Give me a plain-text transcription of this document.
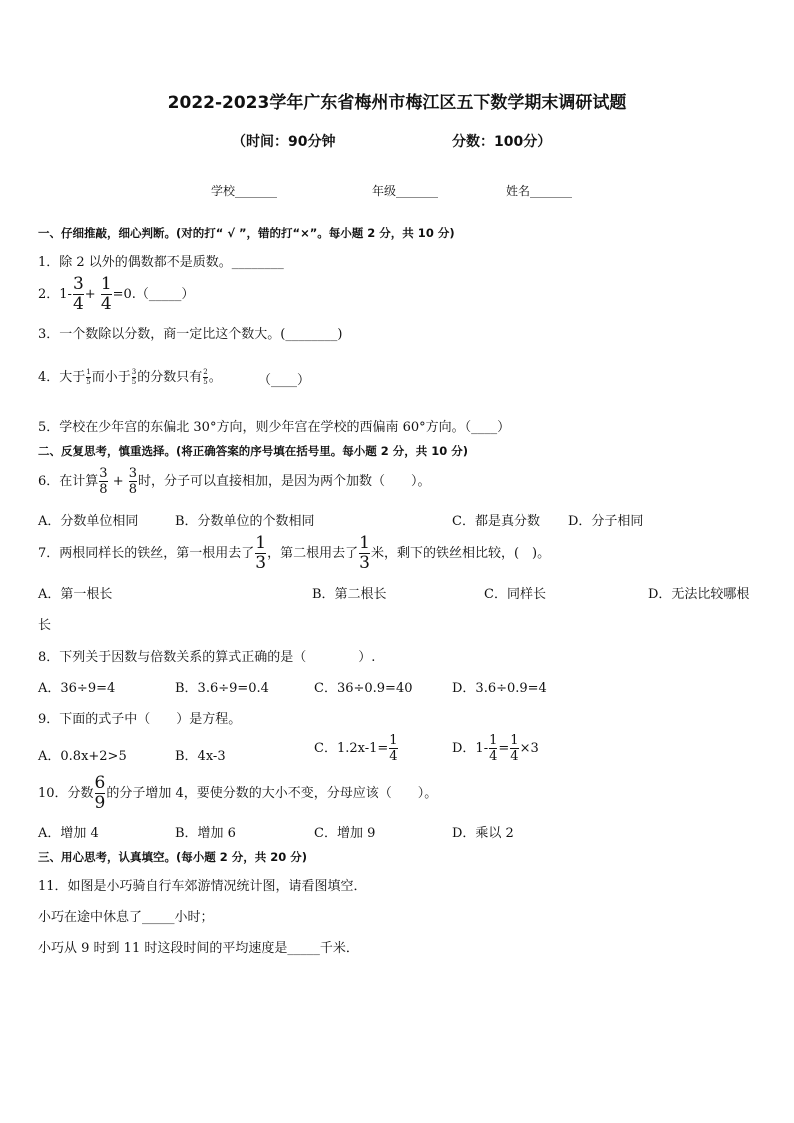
2022-2023学年广东省梅州市梅江区五下数学期末调研试题
（时间：90分钟	分数：100分）
学校_______	年级_______	姓名_______
一、仔细推敲，细心判断。(对的打“ √ ”，错的打“×”。每小题 2 分，共 10 分)
1．除 2 以外的偶数都不是质数。________
2．$1- \frac{3}{4} + \frac{1}{4}$ =0.（_____）
3．一个数除以分数，商一定比这个数大。(________)
4．大于 $\frac{1}{5}$ 而小于 $\frac{3}{5}$ 的分数只有 $\frac{2}{5}$ 。	（____）
5．学校在少年宫的东偏北 30°方向，则少年宫在学校的西偏南 60°方向。（____）
二、反复思考，慎重选择。(将正确答案的序号填在括号里。每小题 2 分，共 10 分)
6．在计算 $\frac{3}{8} + \frac{3}{8}$ 时，分子可以直接相加，是因为两个加数（　　）。
A．分数单位相同	B．分数单位的个数相同	C．都是真分数 D．分子相同
7．两根同样长的铁丝，第一根用去了 $\frac{1}{3}$ ，第二根用去了 $\frac{1}{3}$ 米，剩下的铁丝相比较，(　)。
A．第一根长	B．第二根长	C．同样长	D．无法比较哪根
长
8．下列关于因数与倍数关系的算式正确的是（　　　　）.
A．36÷9=4	B．3.6÷9=0.4	C．36÷0.9=40	D．3.6÷0.9=4
9．下面的式子中（　　）是方程。
A．0.8x+2>5	B．4x-3
C．$1.2x-1= \frac{1}{4}$	D．$1- \frac{1}{4} = \frac{1}{4} \times 3$
10．分数 $\frac{6}{9}$ 的分子增加 4，要使分数的大小不变，分母应该（　　）。
A．增加 4	B．增加 6	C．增加 9	D．乘以 2
三、用心思考，认真填空。(每小题 2 分，共 20 分)
11．如图是小巧骑自行车郊游情况统计图，请看图填空．
小巧在途中休息了_____小时；
小巧从 9 时到 11 时这段时间的平均速度是_____千米．
